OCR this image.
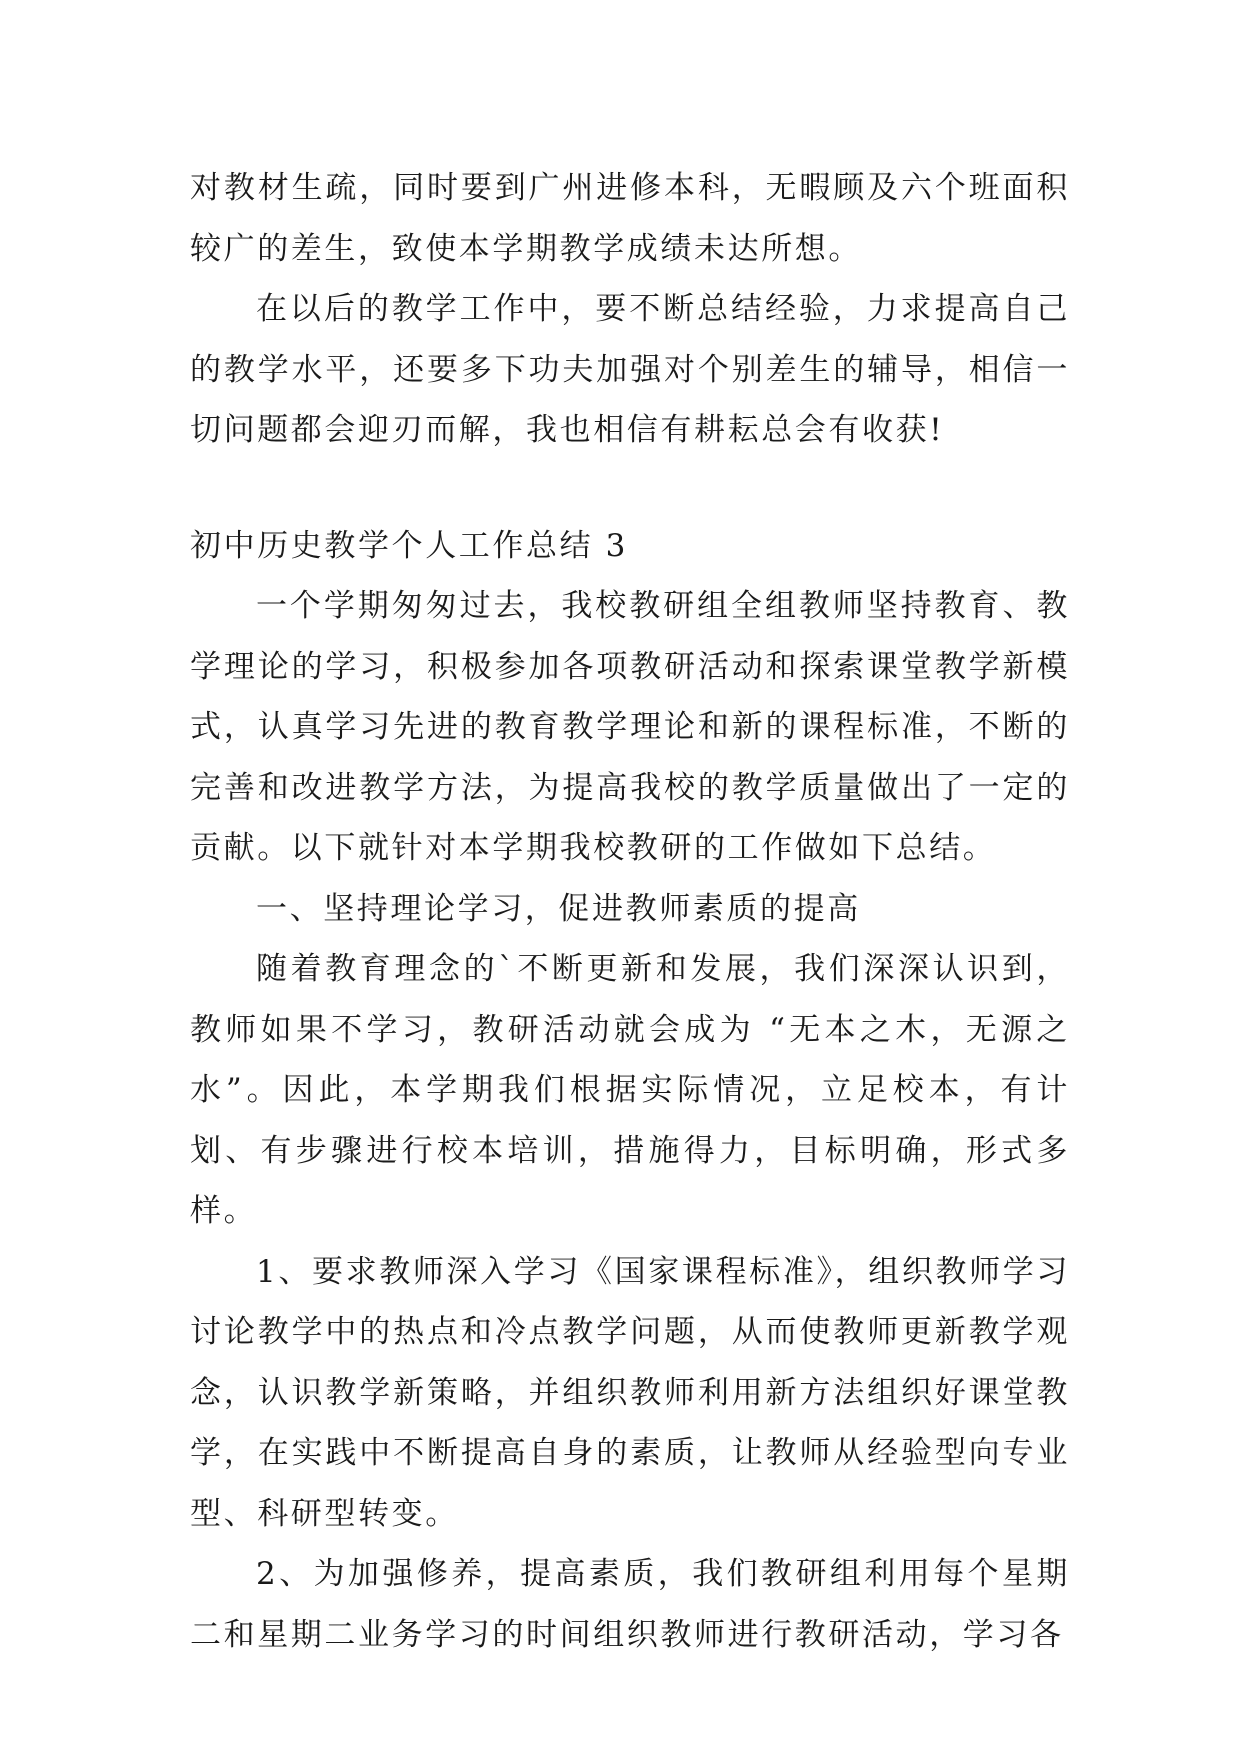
对教材生疏，同时要到广州进修本科，无暇顾及六个班面积较广的差生，致使本学期教学成绩未达所想。

在以后的教学工作中，要不断总结经验，力求提高自己的教学水平，还要多下功夫加强对个别差生的辅导，相信一切问题都会迎刃而解，我也相信有耕耘总会有收获!

初中历史教学个人工作总结 3

一个学期匆匆过去，我校教研组全组教师坚持教育、教学理论的学习，积极参加各项教研活动和探索课堂教学新模式，认真学习先进的教育教学理论和新的课程标准，不断的完善和改进教学方法，为提高我校的教学质量做出了一定的贡献。以下就针对本学期我校教研的工作做如下总结。

一、坚持理论学习，促进教师素质的提高

随着教育理念的`不断更新和发展，我们深深认识到，教师如果不学习，教研活动就会成为 “无本之木，无源之水”。因此，本学期我们根据实际情况，立足校本，有计划、有步骤进行校本培训，措施得力，目标明确，形式多样。

1、要求教师深入学习《国家课程标准》，组织教师学习讨论教学中的热点和冷点教学问题，从而使教师更新教学观念，认识教学新策略，并组织教师利用新方法组织好课堂教学，在实践中不断提高自身的素质，让教师从经验型向专业型、科研型转变。

2、为加强修养，提高素质，我们教研组利用每个星期二和星期二业务学习的时间组织教师进行教研活动，学习各
